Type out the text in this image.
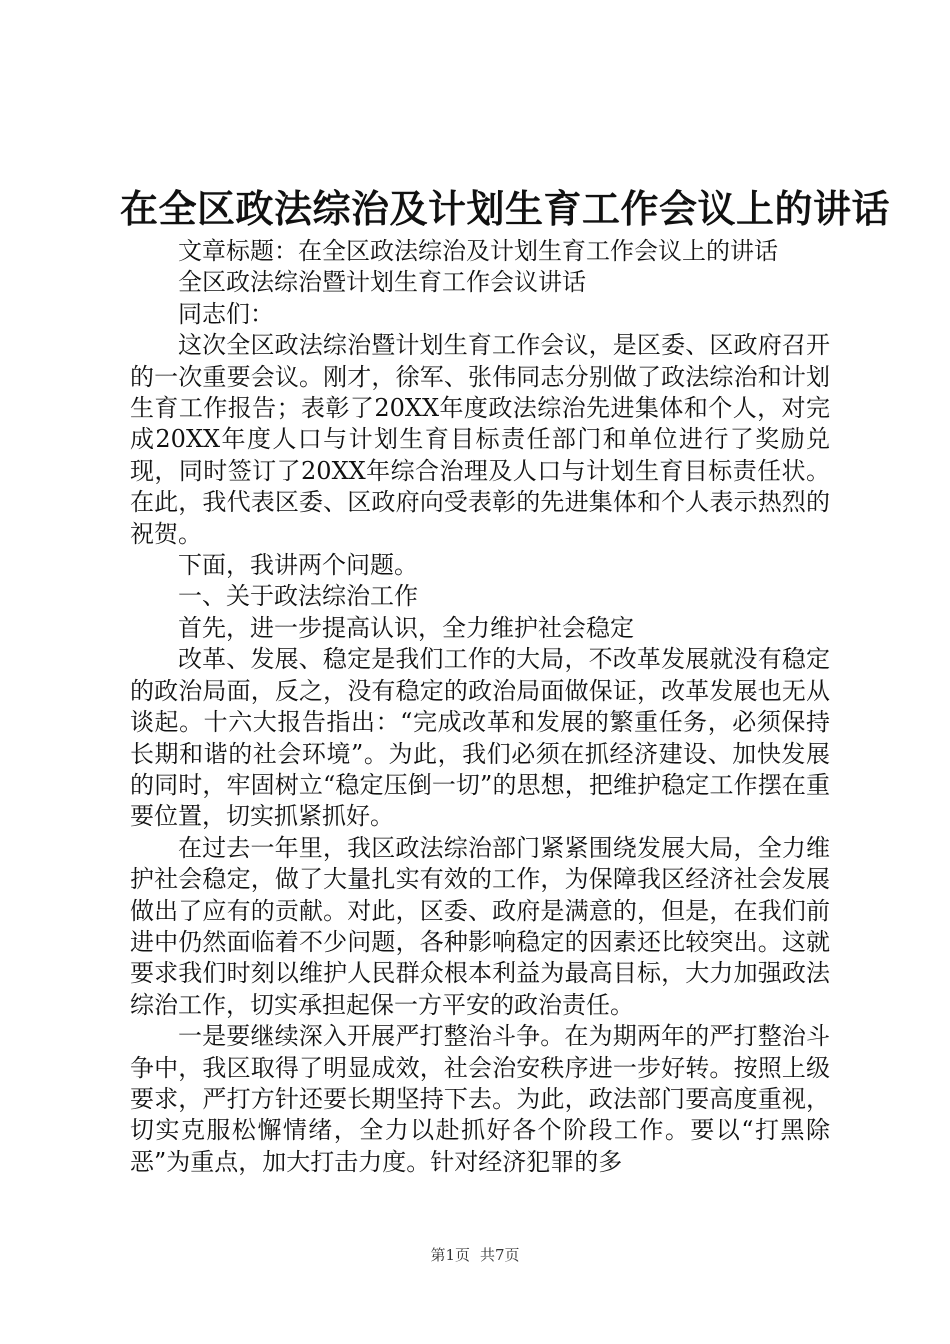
在全区政法综治及计划生育工作会议上的讲话

文章标题：在全区政法综治及计划生育工作会议上的讲话

全区政法综治暨计划生育工作会议讲话

同志们：

这次全区政法综治暨计划生育工作会议，是区委、区政府召开的一次重要会议。刚才，徐军、张伟同志分别做了政法综治和计划生育工作报告；表彰了20XX年度政法综治先进集体和个人，对完成20XX年度人口与计划生育目标责任部门和单位进行了奖励兑现，同时签订了20XX年综合治理及人口与计划生育目标责任状。在此，我代表区委、区政府向受表彰的先进集体和个人表示热烈的祝贺。

下面，我讲两个问题。

一、关于政法综治工作

首先，进一步提高认识，全力维护社会稳定

改革、发展、稳定是我们工作的大局，不改革发展就没有稳定的政治局面，反之，没有稳定的政治局面做保证，改革发展也无从谈起。十六大报告指出：“完成改革和发展的繁重任务，必须保持长期和谐的社会环境”。为此，我们必须在抓经济建设、加快发展的同时，牢固树立“稳定压倒一切”的思想，把维护稳定工作摆在重要位置，切实抓紧抓好。

在过去一年里，我区政法综治部门紧紧围绕发展大局，全力维护社会稳定，做了大量扎实有效的工作，为保障我区经济社会发展做出了应有的贡献。对此，区委、政府是满意的，但是，在我们前进中仍然面临着不少问题，各种影响稳定的因素还比较突出。这就要求我们时刻以维护人民群众根本利益为最高目标，大力加强政法综治工作，切实承担起保一方平安的政治责任。

一是要继续深入开展严打整治斗争。在为期两年的严打整治斗争中，我区取得了明显成效，社会治安秩序进一步好转。按照上级要求，严打方针还要长期坚持下去。为此，政法部门要高度重视，切实克服松懈情绪，全力以赴抓好各个阶段工作。要以“打黑除恶”为重点，加大打击力度。针对经济犯罪的多

第1页 共7页
